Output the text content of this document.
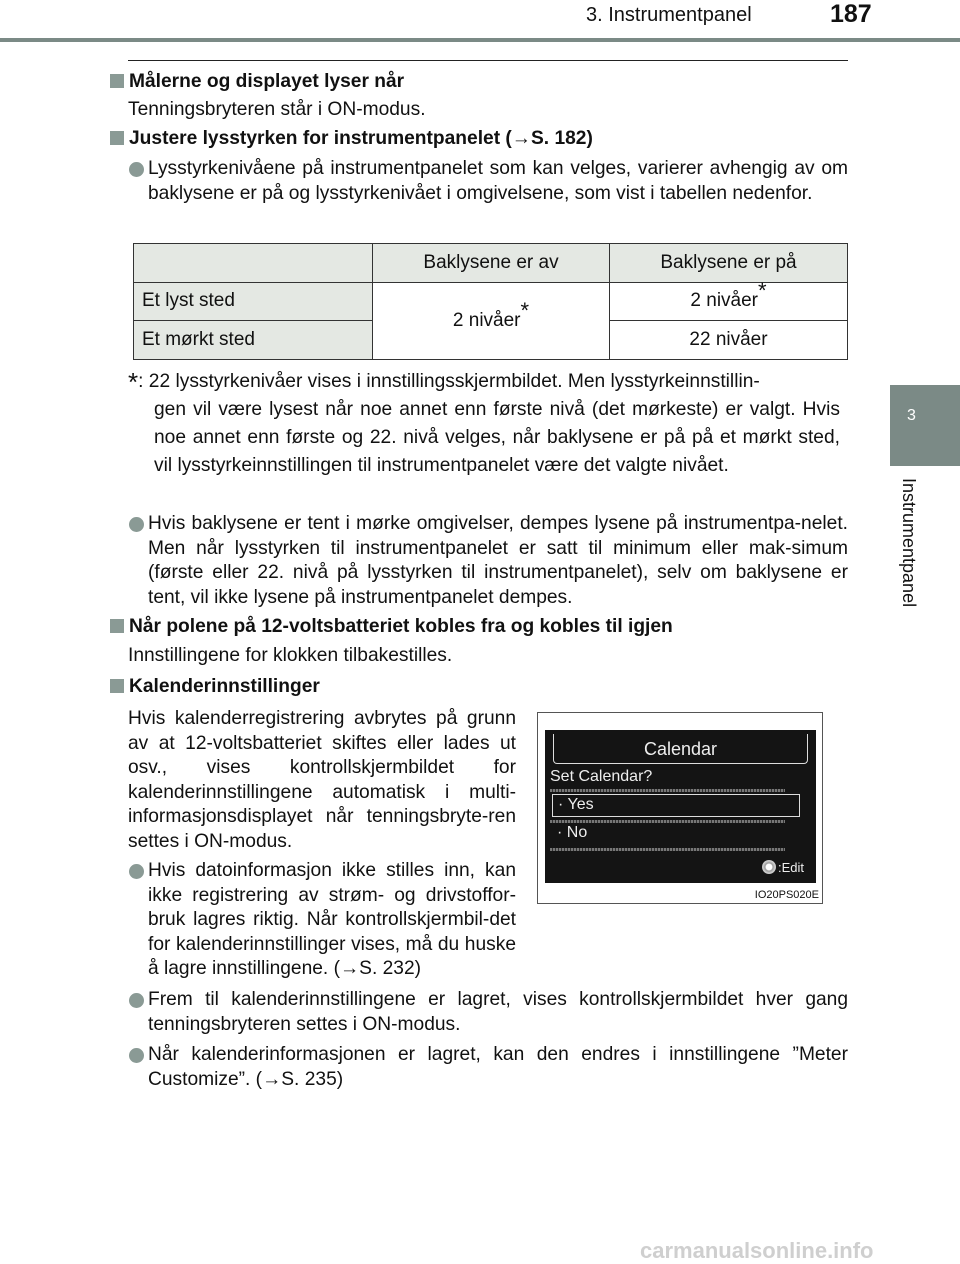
3. Instrumentpanel	187
3
Instrumentpanel
Målerne og displayet lyser når
Tenningsbryteren står i ON-modus.
Justere lysstyrken for instrumentpanelet (→S. 182)
Lysstyrkenivåene på instrumentpanelet som kan velges, varierer avhengig av om baklysene er på og lysstyrkenivået i omgivelsene, som vist i tabellen nedenfor.
	Baklysene er av	Baklysene er på
Et lyst sted	2 nivåer*	2 nivåer*
Et mørkt sted		22 nivåer
*: 22 lysstyrkenivåer vises i innstillingsskjermbildet. Men lysstyrkeinnstillin-
gen vil være lysest når noe annet enn første nivå (det mørkeste) er valgt. Hvis noe annet enn første og 22. nivå velges, når baklysene er på på et mørkt sted, vil lysstyrkeinnstillingen til instrumentpanelet være det valgte nivået.
Hvis baklysene er tent i mørke omgivelser, dempes lysene på instrumentpa-nelet. Men når lysstyrken til instrumentpanelet er satt til minimum eller mak-simum (første eller 22. nivå på lysstyrken til instrumentpanelet), selv om baklysene er tent, vil ikke lysene på instrumentpanelet dempes.
Når polene på 12-voltsbatteriet kobles fra og kobles til igjen
Innstillingene for klokken tilbakestilles.
Kalenderinnstillinger
Hvis kalenderregistrering avbrytes på grunn av at 12-voltsbatteriet skiftes eller lades ut osv., vises kontrollskjermbildet for kalenderinnstillingene automatisk i multi-informasjonsdisplayet når tenningsbryte-ren settes i ON-modus.
Hvis datoinformasjon ikke stilles inn, kan ikke registrering av strøm- og drivstoffor-bruk lagres riktig. Når kontrollskjermbil-det for kalenderinnstillinger vises, må du huske å lagre innstillingene. (→S. 232)
Frem til kalenderinnstillingene er lagret, vises kontrollskjermbildet hver gang tenningsbryteren settes i ON-modus.
Når kalenderinformasjonen er lagret, kan den endres i innstillingene ”Meter Customize”. (→S. 235)
Calendar
Set Calendar?
· Yes
· No
:Edit
IO20PS020E
carmanualsonline.info
